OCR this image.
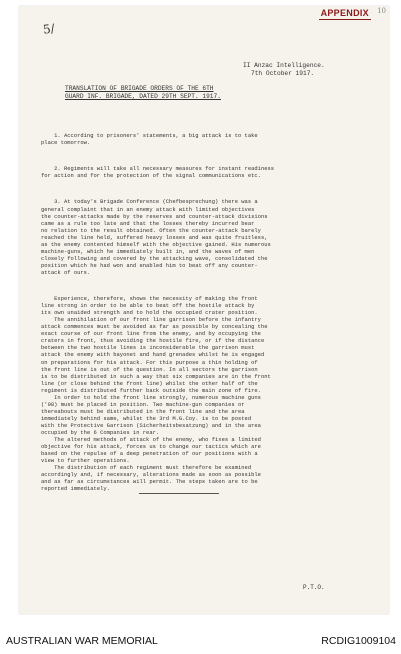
5/
APPENDIX 10
II Anzac Intelligence.
7th October 1917.
TRANSLATION OF BRIGADE ORDERS OF THE 6TH
GUARD INF. BRIGADE, DATED 29TH SEPT. 1917.

1. According to prisoners' statements, a big attack is to take
place tomorrow.

2. Regiments will take all necessary measures for instant readiness
for action and for the protection of the signal communications etc.

3. At today's Brigade Conference (Chefbesprechung) there was a
general complaint that in an enemy attack with limited objectives
the counter-attacks made by the reserves and counter-attack divisions
came as a rule too late and that the losses thereby incurred bear
no relation to the result obtained. Often the counter-attack barely
reached the line held, suffered heavy losses and was quite fruitless,
as the enemy contented himself with the objective gained. His numerous
machine-guns, which he immediately built in, and the waves of men
closely following and covered by the attacking wave, consolidated the
position which he had won and enabled him to beat off any counter-
attack of ours.

Experience, therefore, shows the necessity of making the front
line strong in order to be able to beat off the hostile attack by
its own unaided strength and to hold the occupied crater position.
The annihilation of our front line garrison before the infantry
attack commences must be avoided as far as possible by concealing the
exact course of our front line from the enemy, and by occupying the
craters in front, thus avoiding the hostile fire, or if the distance
between the two hostile lines is inconsiderable the garrison must
attack the enemy with bayonet and hand grenades whilst he is engaged
on preparations for his attack. For this purpose a thin holding of
the front line is out of the question. In all sectors the garrison
is to be distributed in such a way that six companies are in the front
line (or close behind the front line) whilst the other half of the
regiment is distributed further back outside the main zone of fire.
In order to hold the front line strongly, numerous machine guns
('08) must be placed in position. Two machine-gun companies or
thereabouts must be distributed in the front line and the area
immediately behind same, whilst the 3rd M.G.Coy. is to be posted
with the Protective Garrison (Sicherheitsbesatzung) and in the area
occupied by the 6 Companies in rear.
The altered methods of attack of the enemy, who fixes a limited
objective for his attack, forces us to change our tactics which are
based on the repulse of a deep penetration of our positions with a
view to further operations.
The distribution of each regiment must therefore be examined
accordingly and, if necessary, alterations made as soon as possible
and as far as circumstances will permit. The steps taken are to be
reported immediately.

P.T.O.
AUSTRALIAN WAR MEMORIAL	RCDIG1009104
